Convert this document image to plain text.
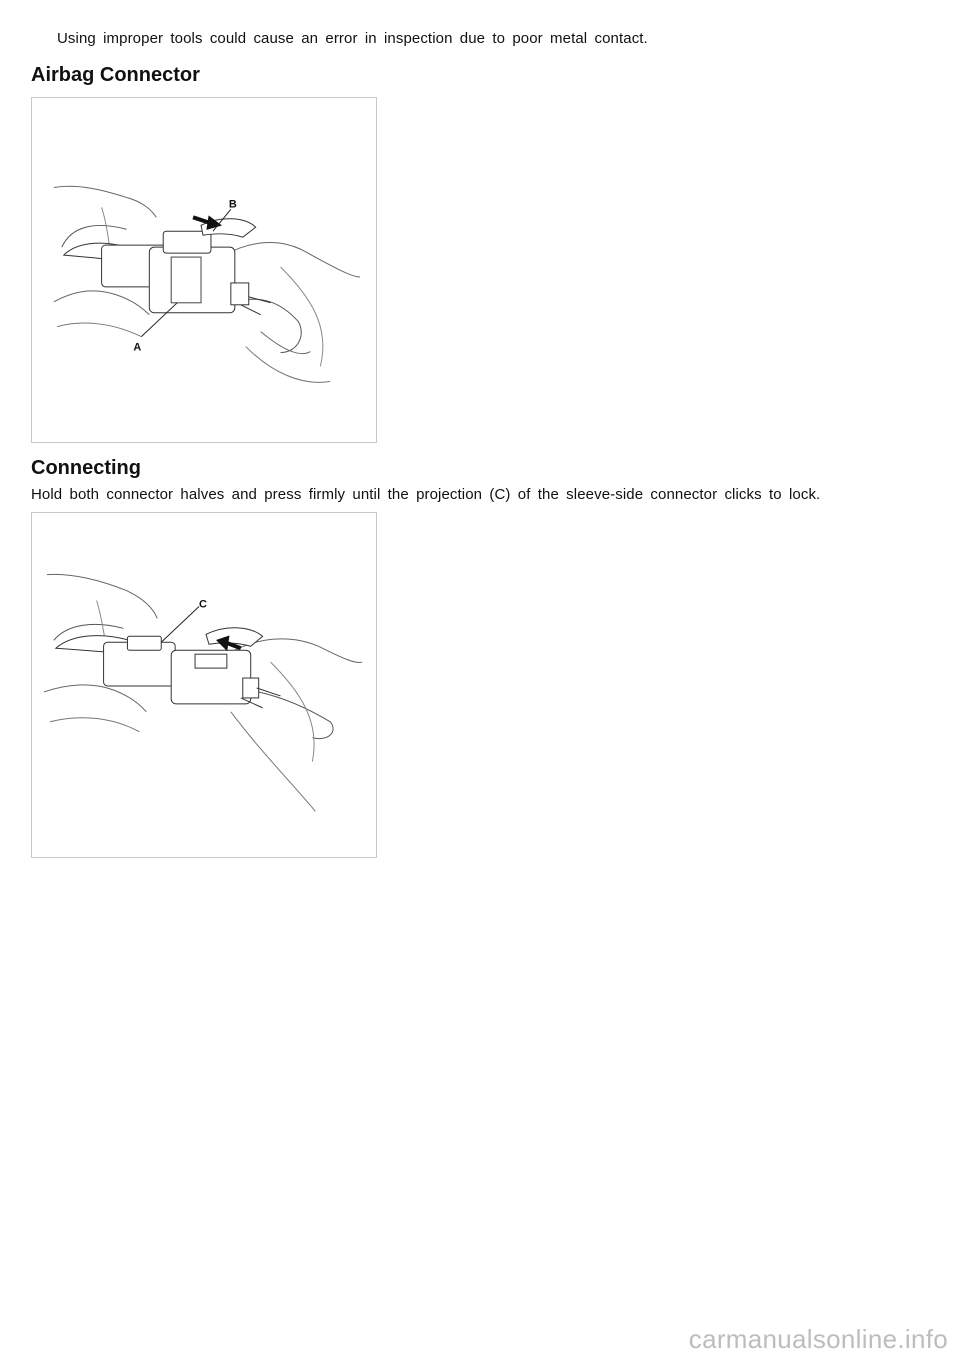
Using improper tools could cause an error in inspection due to poor metal contact.
Airbag Connector
B
A
Connecting
Hold both connector halves and press firmly until the projection (C) of the sleeve-side connector clicks to lock.
C
carmanualsonline.info
